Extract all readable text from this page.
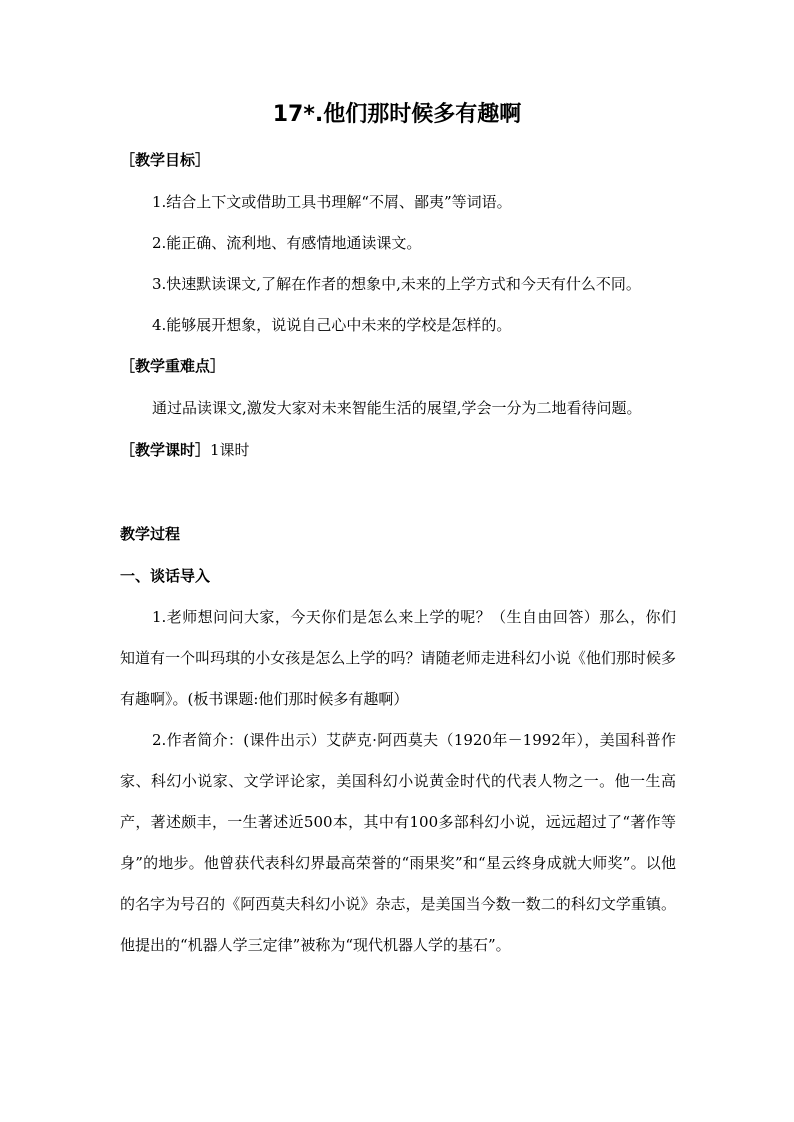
17*.他们那时候多有趣啊
［教学目标］
1.结合上下文或借助工具书理解“不屑、鄙夷”等词语。
2.能正确、流利地、有感情地通读课文。
3.快速默读课文,了解在作者的想象中,未来的上学方式和今天有什么不同。
4.能够展开想象，说说自己心中未来的学校是怎样的。
［教学重难点］
通过品读课文,激发大家对未来智能生活的展望,学会一分为二地看待问题。
［教学课时］1课时
教学过程
一、谈话导入

1.老师想问问大家，今天你们是怎么来上学的呢？（生自由回答）那么，你们知道有一个叫玛琪的小女孩是怎么上学的吗？请随老师走进科幻小说《他们那时候多有趣啊》。(板书课题:他们那时候多有趣啊）

2.作者简介：(课件出示）艾萨克·阿西莫夫（1920年－1992年），美国科普作家、科幻小说家、文学评论家，美国科幻小说黄金时代的代表人物之一。他一生高产，著述颇丰，一生著述近500本，其中有100多部科幻小说，远远超过了“著作等身”的地步。他曾获代表科幻界最高荣誉的“雨果奖”和“星云终身成就大师奖”。以他的名字为号召的《阿西莫夫科幻小说》杂志，是美国当今数一数二的科幻文学重镇。他提出的“机器人学三定律”被称为“现代机器人学的基石”。
